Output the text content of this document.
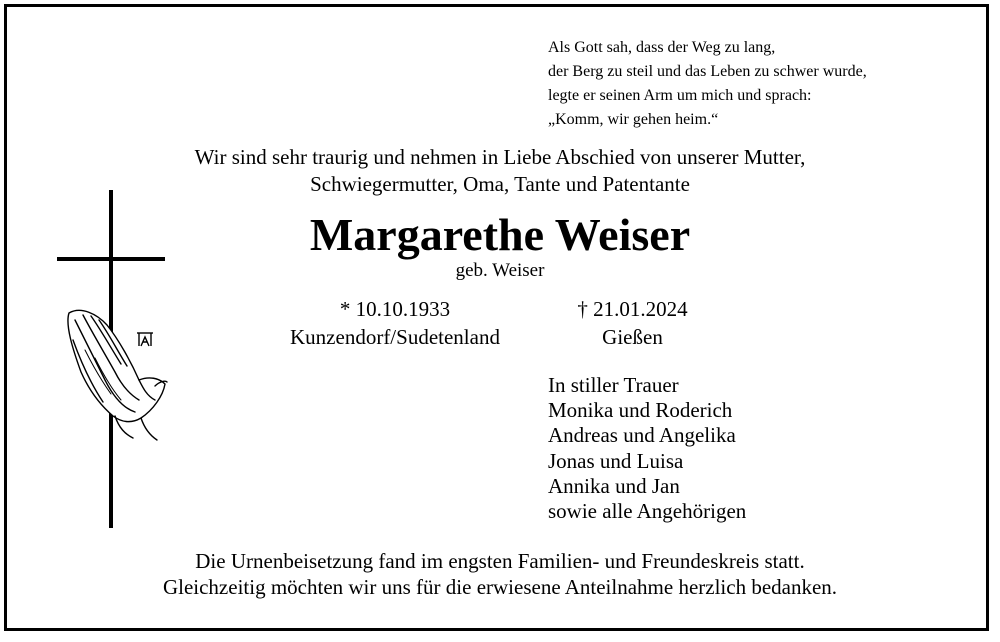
Als Gott sah, dass der Weg zu lang,
der Berg zu steil und das Leben zu schwer wurde,
legte er seinen Arm um mich und sprach:
„Komm, wir gehen heim.“
Wir sind sehr traurig und nehmen in Liebe Abschied von unserer Mutter,
Schwiegermutter, Oma, Tante und Patentante
Margarethe Weiser
geb. Weiser
* 10.10.1933
Kunzendorf/Sudetenland
† 21.01.2024
Gießen
In stiller Trauer
Monika und Roderich
Andreas und Angelika
Jonas und Luisa
Annika und Jan
sowie alle Angehörigen
Die Urnenbeisetzung fand im engsten Familien- und Freundeskreis statt.
Gleichzeitig möchten wir uns für die erwiesene Anteilnahme herzlich bedanken.
